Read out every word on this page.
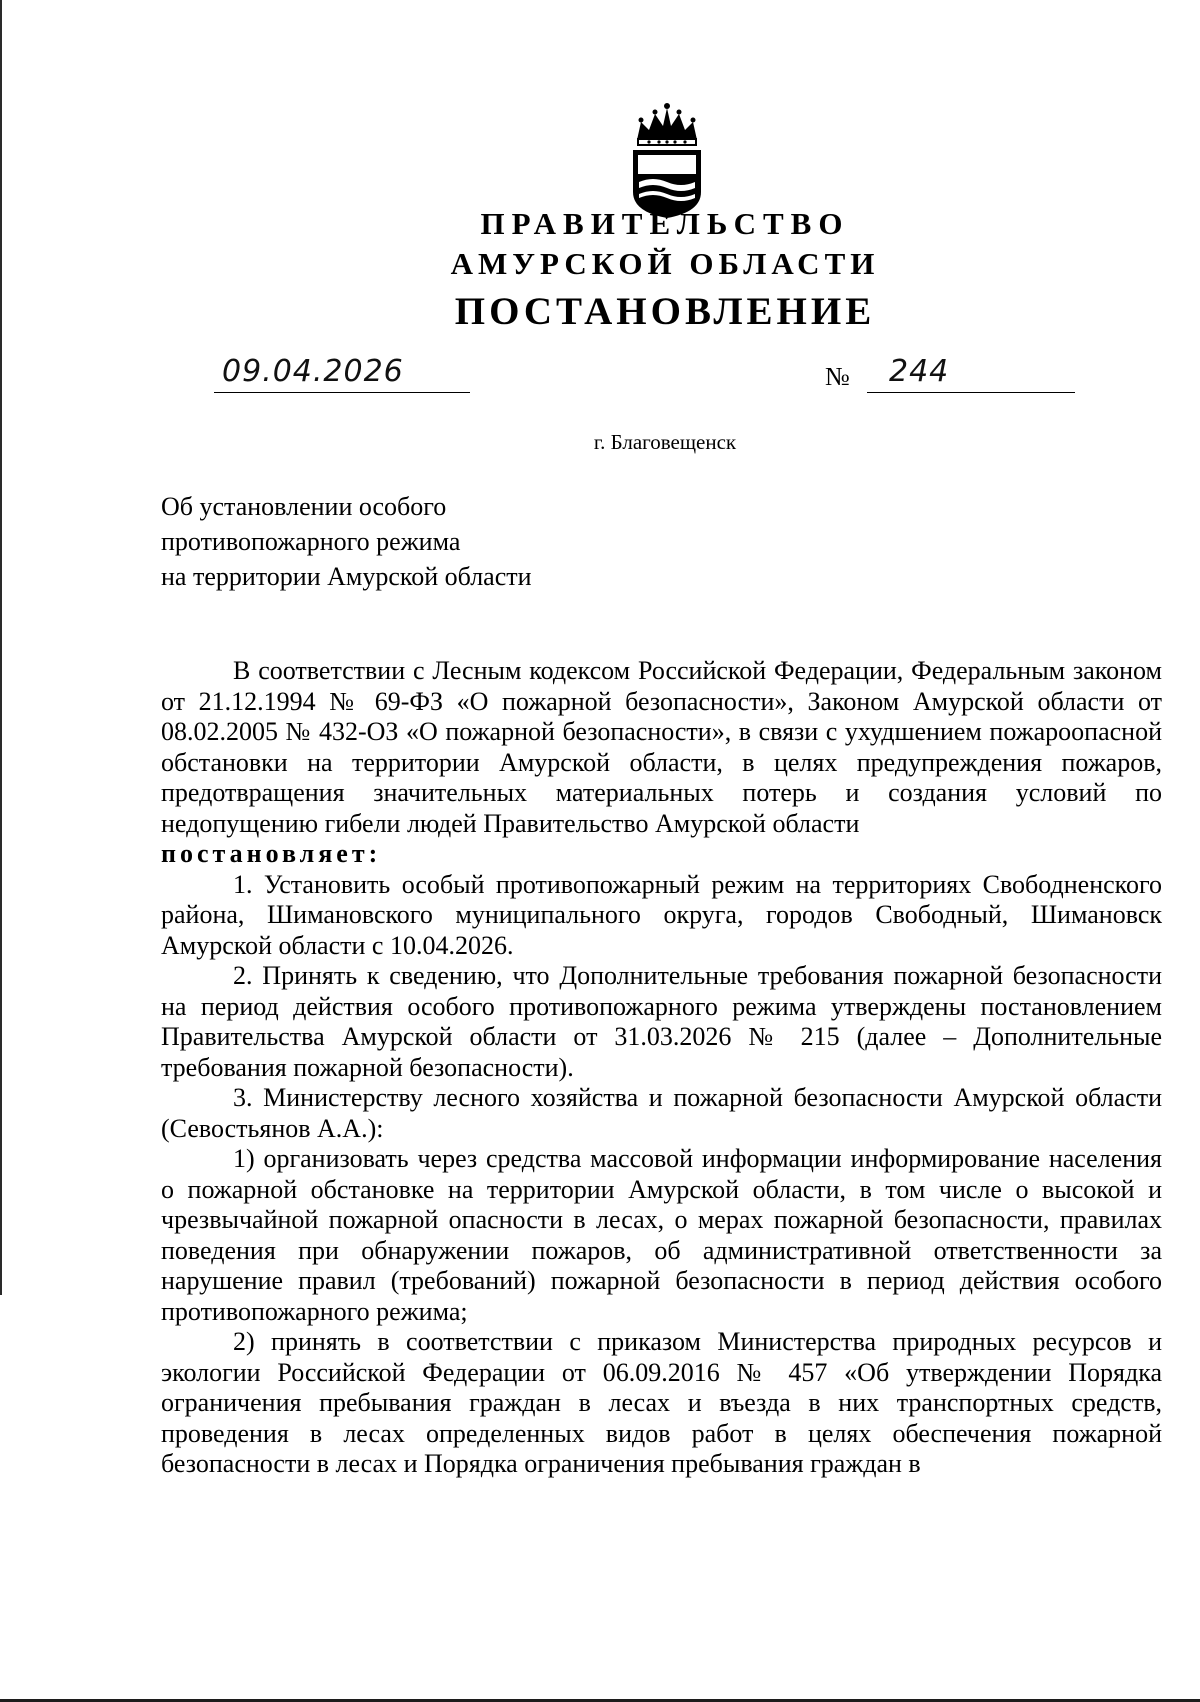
ПРАВИТЕЛЬСТВО
АМУРСКОЙ ОБЛАСТИ
ПОСТАНОВЛЕНИЕ
09.04.2026	№ 244
г. Благовещенск
Об установлении особого
противопожарного режима
на территории Амурской области

В соответствии с Лесным кодексом Российской Федерации, Федеральным законом от 21.12.1994 № 69-ФЗ «О пожарной безопасности», Законом Амурской области от 08.02.2005 № 432-ОЗ «О пожарной безопасности», в связи с ухудшением пожароопасной обстановки на территории Амурской области, в целях предупреждения пожаров, предотвращения значительных материальных потерь и создания условий по недопущению гибели людей Правительство Амурской области

постановляет:

1. Установить особый противопожарный режим на территориях Свободненского района, Шимановского муниципального округа, городов Свободный, Шимановск Амурской области с 10.04.2026.

2. Принять к сведению, что Дополнительные требования пожарной безопасности на период действия особого противопожарного режима утверждены постановлением Правительства Амурской области от 31.03.2026 № 215 (далее – Дополнительные требования пожарной безопасности).

3. Министерству лесного хозяйства и пожарной безопасности Амурской области (Севостьянов А.А.):

1) организовать через средства массовой информации информирование населения о пожарной обстановке на территории Амурской области, в том числе о высокой и чрезвычайной пожарной опасности в лесах, о мерах пожарной безопасности, правилах поведения при обнаружении пожаров, об административной ответственности за нарушение правил (требований) пожарной безопасности в период действия особого противопожарного режима;

2) принять в соответствии с приказом Министерства природных ресурсов и экологии Российской Федерации от 06.09.2016 № 457 «Об утверждении Порядка ограничения пребывания граждан в лесах и въезда в них транспортных средств, проведения в лесах определенных видов работ в целях обеспечения пожарной безопасности в лесах и Порядка ограничения пребывания граждан в
